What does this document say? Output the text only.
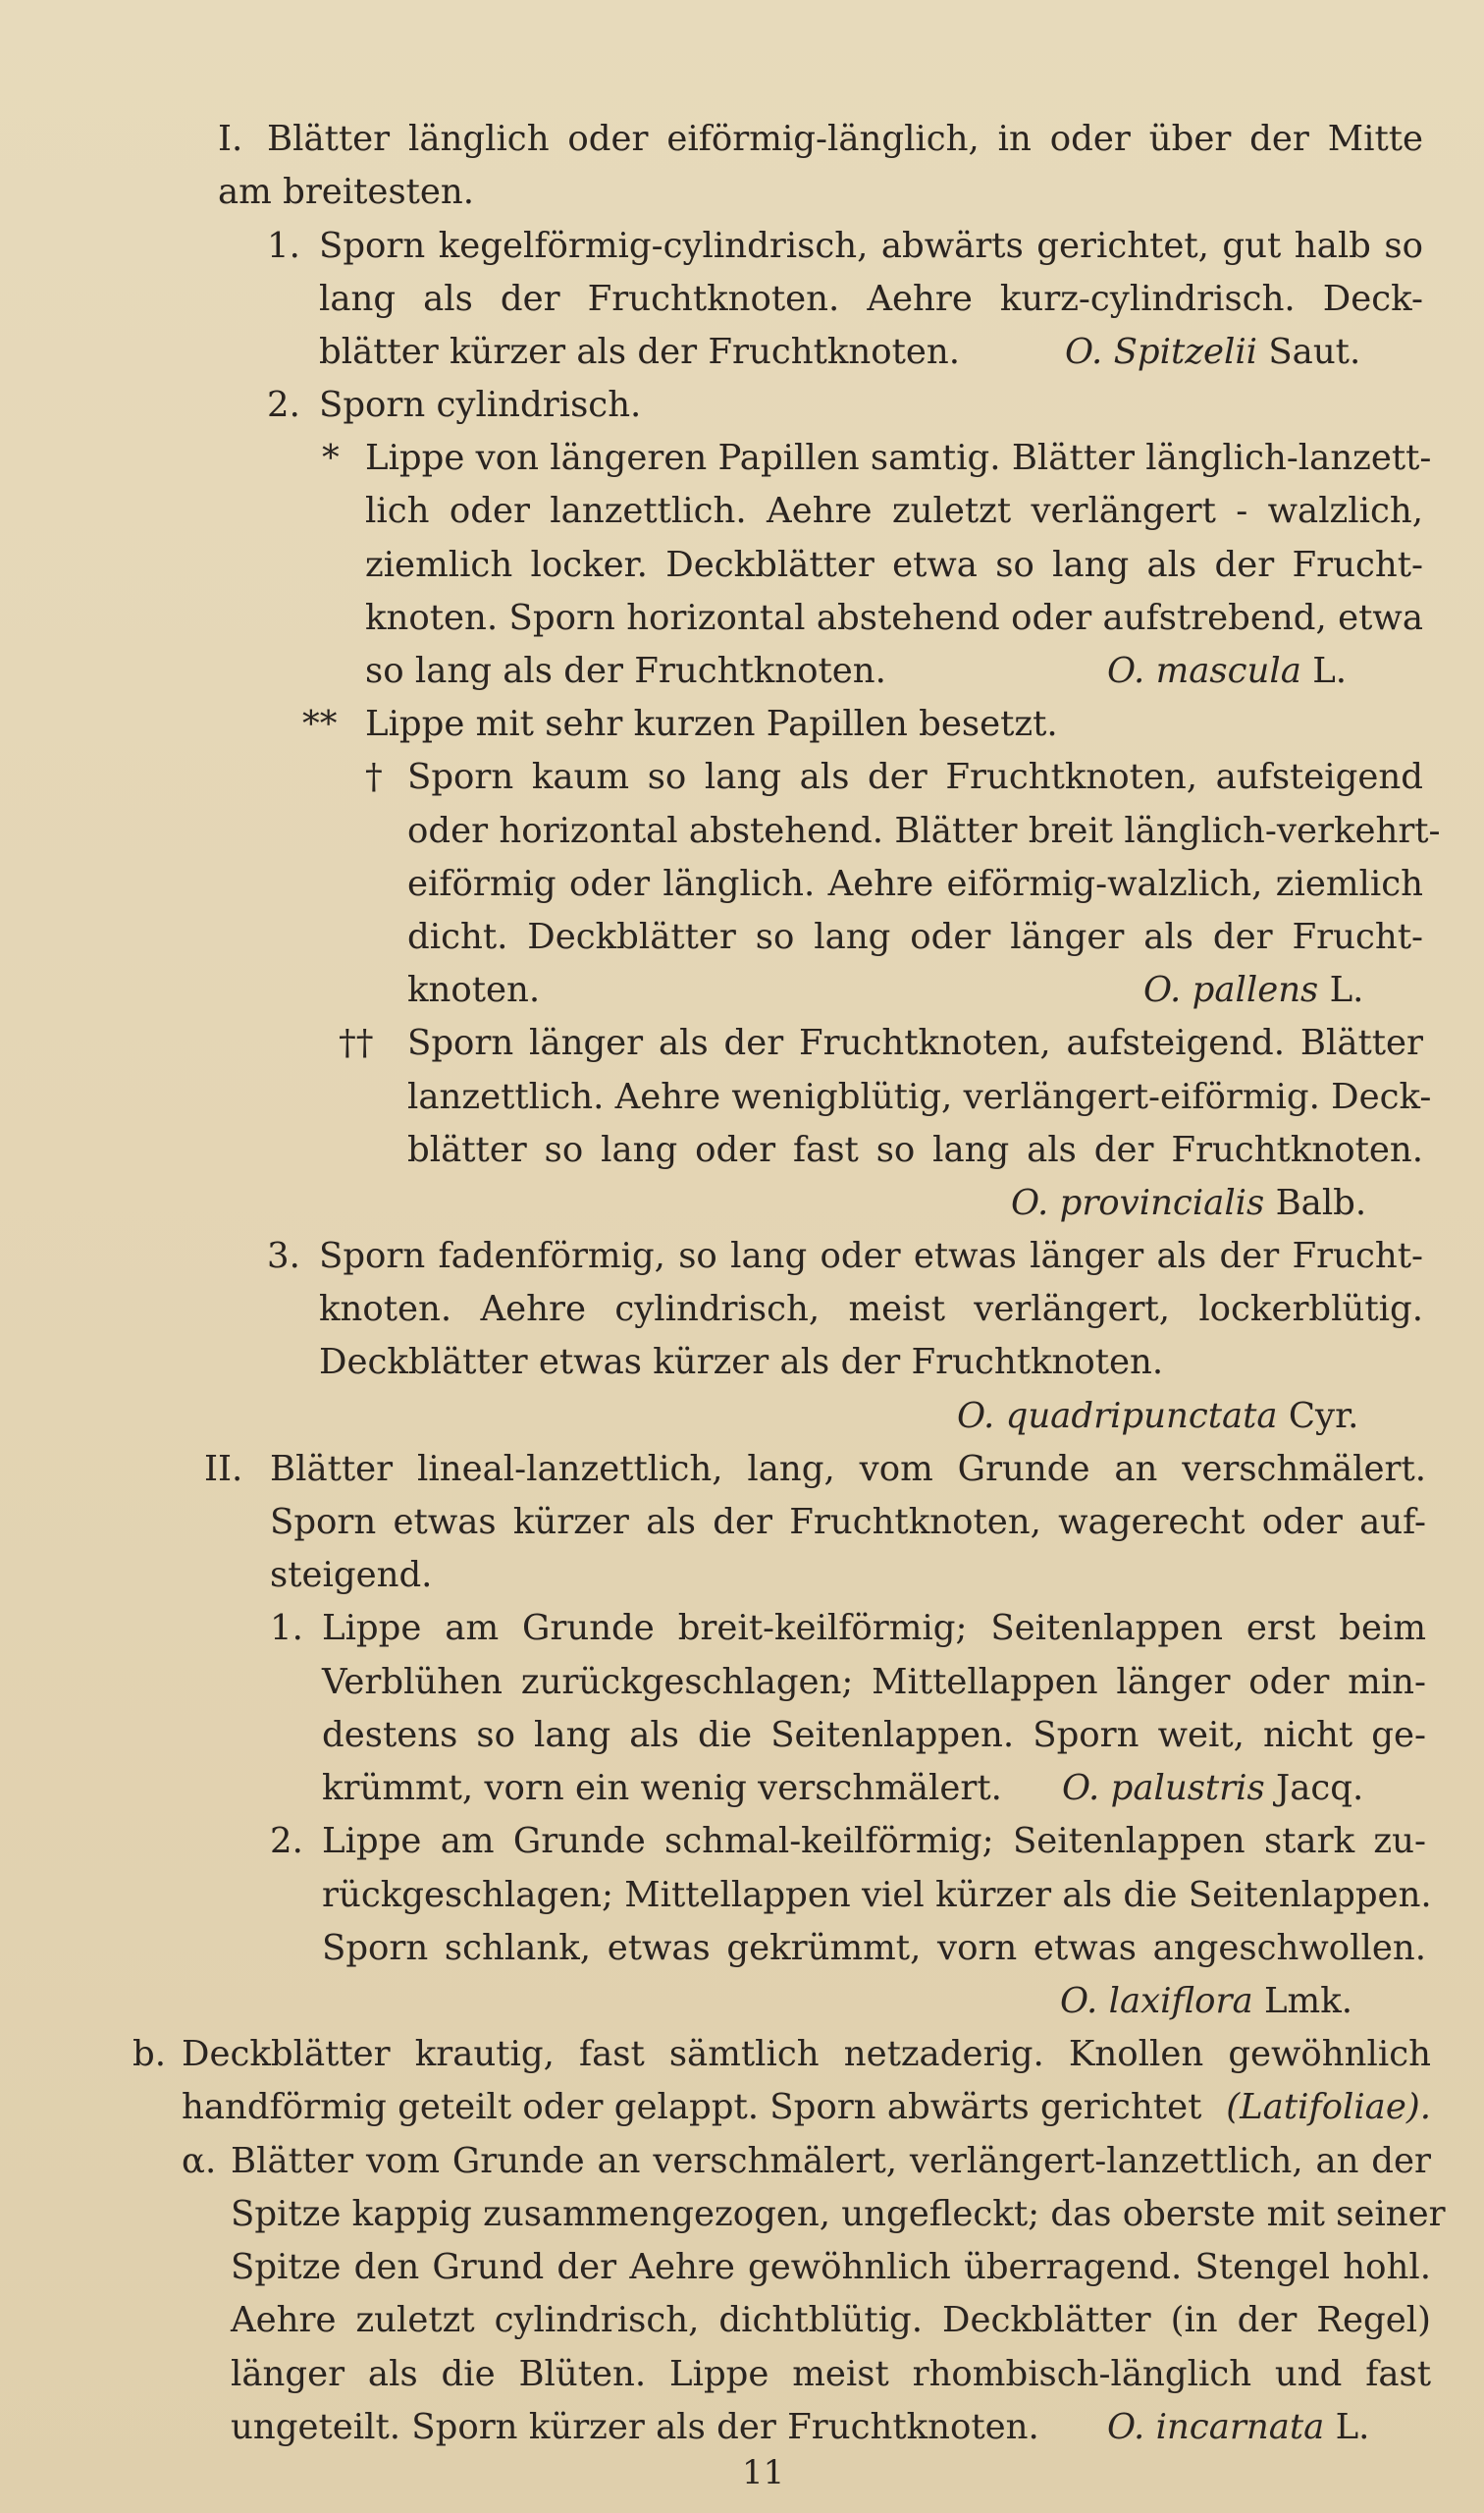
I. Blätter länglich oder eiförmig-länglich, in oder über der Mitte
am breitesten.
1. Sporn kegelförmig-cylindrisch, abwärts gerichtet, gut halb so
lang als der Fruchtknoten. Aehre kurz-cylindrisch. Deck-
blätter kürzer als der Fruchtknoten.	O. Spitzelii Saut.
2. Sporn cylindrisch.
* Lippe von längeren Papillen samtig. Blätter länglich-lanzett-
lich oder lanzettlich. Aehre zuletzt verlängert - walzlich,
ziemlich locker. Deckblätter etwa so lang als der Frucht-
knoten. Sporn horizontal abstehend oder aufstrebend, etwa
so lang als der Fruchtknoten.	O. mascula L.
** Lippe mit sehr kurzen Papillen besetzt.
† Sporn kaum so lang als der Fruchtknoten, aufsteigend
oder horizontal abstehend. Blätter breit länglich-verkehrt-
eiförmig oder länglich. Aehre eiförmig-walzlich, ziemlich
dicht. Deckblätter so lang oder länger als der Frucht-
knoten.	O. pallens L.
†† Sporn länger als der Fruchtknoten, aufsteigend. Blätter
lanzettlich. Aehre wenigblütig, verlängert-eiförmig. Deck-
blätter so lang oder fast so lang als der Fruchtknoten.
O. provincialis Balb.
3. Sporn fadenförmig, so lang oder etwas länger als der Frucht-
knoten. Aehre cylindrisch, meist verlängert, lockerblütig.
Deckblätter etwas kürzer als der Fruchtknoten.
O. quadripunctata Cyr.
II. Blätter lineal-lanzettlich, lang, vom Grunde an verschmälert.
Sporn etwas kürzer als der Fruchtknoten, wagerecht oder auf-
steigend.
1. Lippe am Grunde breit-keilförmig; Seitenlappen erst beim
Verblühen zurückgeschlagen; Mittellappen länger oder min-
destens so lang als die Seitenlappen. Sporn weit, nicht ge-
krümmt, vorn ein wenig verschmälert. O. palustris Jacq.
2. Lippe am Grunde schmal-keilförmig; Seitenlappen stark zu-
rückgeschlagen; Mittellappen viel kürzer als die Seitenlappen.
Sporn schlank, etwas gekrümmt, vorn etwas angeschwollen.
O. laxiflora Lmk.
b. Deckblätter krautig, fast sämtlich netzaderig. Knollen gewöhnlich
handförmig geteilt oder gelappt. Sporn abwärts gerichtet (Latifoliae).
α. Blätter vom Grunde an verschmälert, verlängert-lanzettlich, an der
Spitze kappig zusammengezogen, ungefleckt; das oberste mit seiner
Spitze den Grund der Aehre gewöhnlich überragend. Stengel hohl.
Aehre zuletzt cylindrisch, dichtblütig. Deckblätter (in der Regel)
länger als die Blüten. Lippe meist rhombisch-länglich und fast
ungeteilt. Sporn kürzer als der Fruchtknoten. O. incarnata L.
11
